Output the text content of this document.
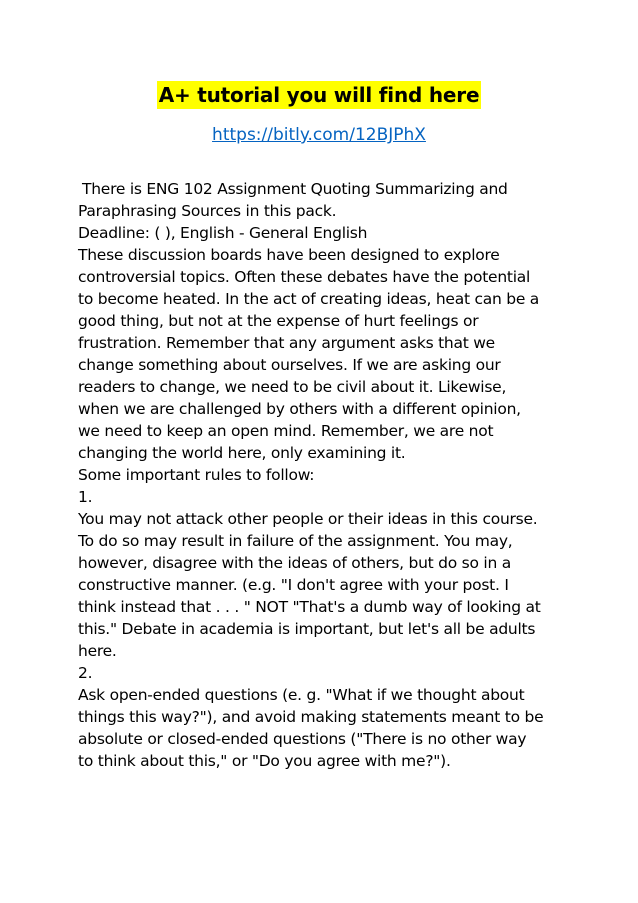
A+ tutorial you will find here
https://bitly.com/12BJPhX
There is ENG 102 Assignment Quoting Summarizing and
Paraphrasing Sources in this pack.
Deadline: ( ), English - General English
These discussion boards have been designed to explore
controversial topics. Often these debates have the potential
to become heated. In the act of creating ideas, heat can be a
good thing, but not at the expense of hurt feelings or
frustration. Remember that any argument asks that we
change something about ourselves. If we are asking our
readers to change, we need to be civil about it. Likewise,
when we are challenged by others with a different opinion,
we need to keep an open mind. Remember, we are not
changing the world here, only examining it.
Some important rules to follow:
1.
You may not attack other people or their ideas in this course.
To do so may result in failure of the assignment. You may,
however, disagree with the ideas of others, but do so in a
constructive manner. (e.g. "I don't agree with your post. I
think instead that . . . " NOT "That's a dumb way of looking at
this." Debate in academia is important, but let's all be adults
here.
2.
Ask open-ended questions (e. g. "What if we thought about
things this way?"), and avoid making statements meant to be
absolute or closed-ended questions ("There is no other way
to think about this," or "Do you agree with me?").
